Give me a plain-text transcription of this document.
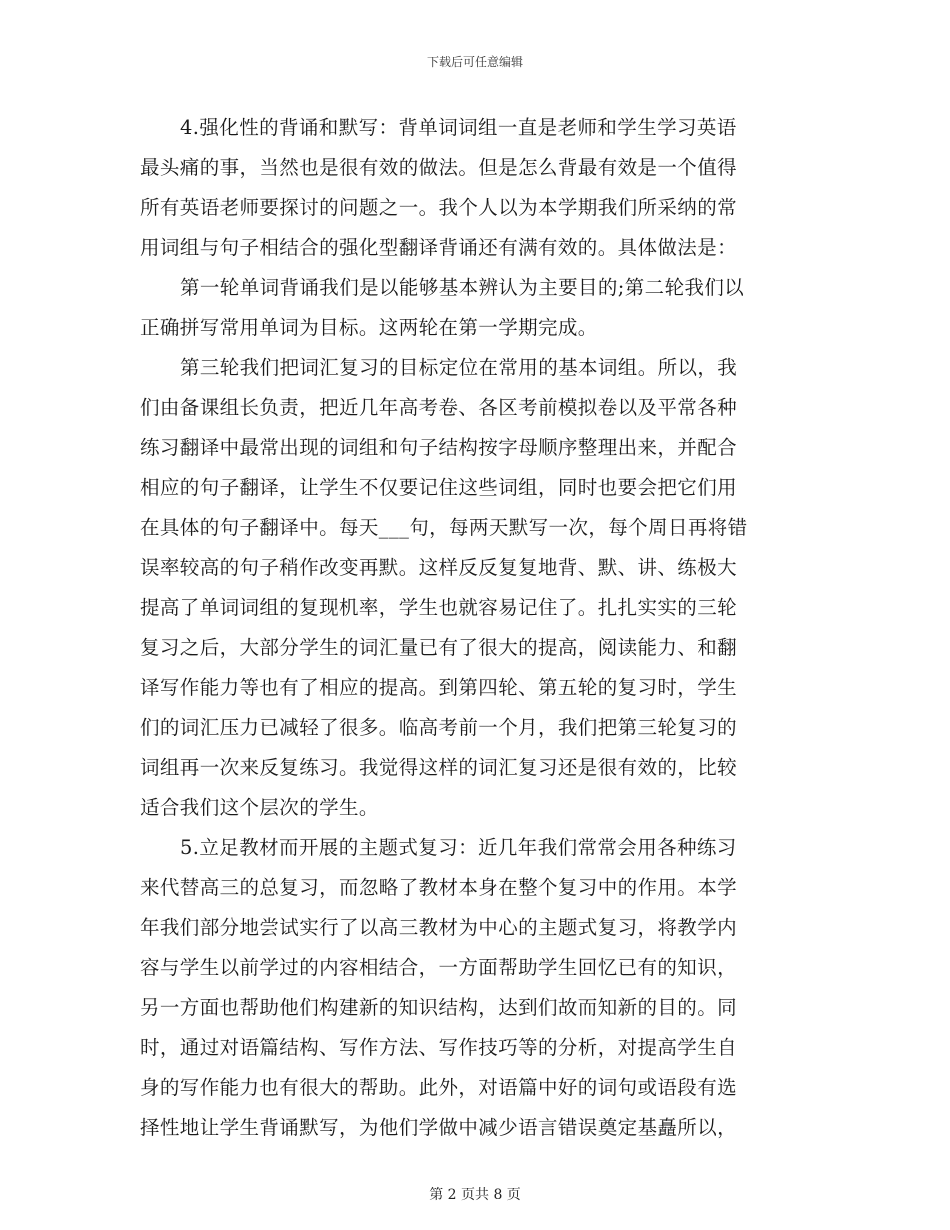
下载后可任意编辑
4.强化性的背诵和默写：背单词词组一直是老师和学生学习英语
最头痛的事，当然也是很有效的做法。但是怎么背最有效是一个值得
所有英语老师要探讨的问题之一。我个人以为本学期我们所采纳的常
用词组与句子相结合的强化型翻译背诵还有满有效的。具体做法是：
第一轮单词背诵我们是以能够基本辨认为主要目的;第二轮我们以
正确拼写常用单词为目标。这两轮在第一学期完成。
第三轮我们把词汇复习的目标定位在常用的基本词组。所以，我
们由备课组长负责，把近几年高考卷、各区考前模拟卷以及平常各种
练习翻译中最常出现的词组和句子结构按字母顺序整理出来，并配合
相应的句子翻译，让学生不仅要记住这些词组，同时也要会把它们用
在具体的句子翻译中。每天___句，每两天默写一次，每个周日再将错
误率较高的句子稍作改变再默。这样反反复复地背、默、讲、练极大
提高了单词词组的复现机率，学生也就容易记住了。扎扎实实的三轮
复习之后，大部分学生的词汇量已有了很大的提高，阅读能力、和翻
译写作能力等也有了相应的提高。到第四轮、第五轮的复习时，学生
们的词汇压力已减轻了很多。临高考前一个月，我们把第三轮复习的
词组再一次来反复练习。我觉得这样的词汇复习还是很有效的，比较
适合我们这个层次的学生。
5.立足教材而开展的主题式复习：近几年我们常常会用各种练习
来代替高三的总复习，而忽略了教材本身在整个复习中的作用。本学
年我们部分地尝试实行了以高三教材为中心的主题式复习，将教学内
容与学生以前学过的内容相结合，一方面帮助学生回忆已有的知识，
另一方面也帮助他们构建新的知识结构，达到们故而知新的目的。同
时，通过对语篇结构、写作方法、写作技巧等的分析，对提高学生自
身的写作能力也有很大的帮助。此外，对语篇中好的词句或语段有选
择性地让学生背诵默写，为他们学做中减少语言错误奠定基矗所以，
第 2 页共 8 页
